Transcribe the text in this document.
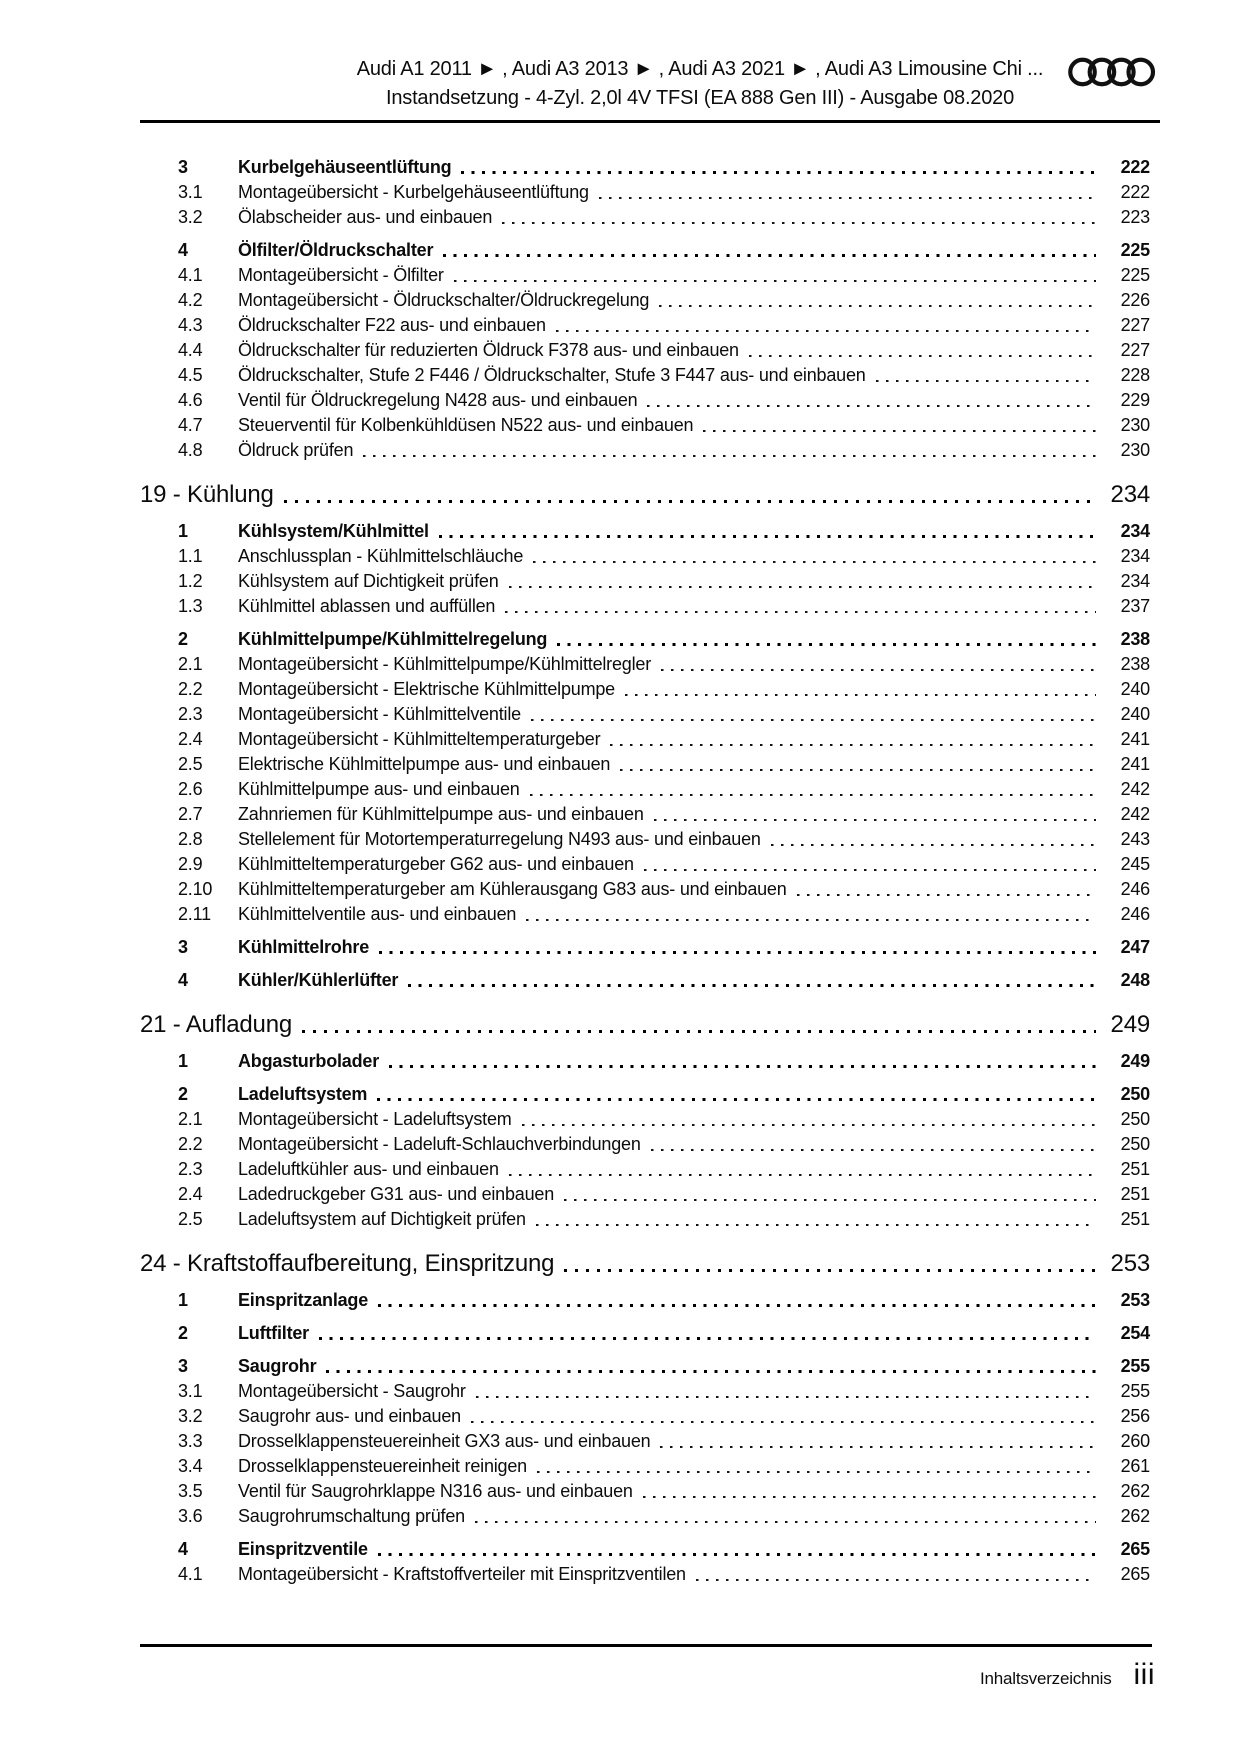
Audi A1 2011 ► , Audi A3 2013 ► , Audi A3 2021 ► , Audi A3 Limousine Chi ...
Instandsetzung - 4-Zyl. 2,0l 4V TFSI (EA 888 Gen III) - Ausgabe 08.2020
3	Kurbelgehäuseentlüftung	222
3.1	Montageübersicht - Kurbelgehäuseentlüftung	222
3.2	Ölabscheider aus- und einbauen	223
4	Ölfilter/Öldruckschalter	225
4.1	Montageübersicht - Ölfilter	225
4.2	Montageübersicht - Öldruckschalter/Öldruckregelung	226
4.3	Öldruckschalter F22 aus- und einbauen	227
4.4	Öldruckschalter für reduzierten Öldruck F378 aus- und einbauen	227
4.5	Öldruckschalter, Stufe 2 F446 / Öldruckschalter, Stufe 3 F447 aus- und einbauen	228
4.6	Ventil für Öldruckregelung N428 aus- und einbauen	229
4.7	Steuerventil für Kolbenkühldüsen N522 aus- und einbauen	230
4.8	Öldruck prüfen	230
19 - Kühlung	234
1	Kühlsystem/Kühlmittel	234
1.1	Anschlussplan - Kühlmittelschläuche	234
1.2	Kühlsystem auf Dichtigkeit prüfen	234
1.3	Kühlmittel ablassen und auffüllen	237
2	Kühlmittelpumpe/Kühlmittelregelung	238
2.1	Montageübersicht - Kühlmittelpumpe/Kühlmittelregler	238
2.2	Montageübersicht - Elektrische Kühlmittelpumpe	240
2.3	Montageübersicht - Kühlmittelventile	240
2.4	Montageübersicht - Kühlmitteltemperaturgeber	241
2.5	Elektrische Kühlmittelpumpe aus- und einbauen	241
2.6	Kühlmittelpumpe aus- und einbauen	242
2.7	Zahnriemen für Kühlmittelpumpe aus- und einbauen	242
2.8	Stellelement für Motortemperaturregelung N493 aus- und einbauen	243
2.9	Kühlmitteltemperaturgeber G62 aus- und einbauen	245
2.10	Kühlmitteltemperaturgeber am Kühlerausgang G83 aus- und einbauen	246
2.11	Kühlmittelventile aus- und einbauen	246
3	Kühlmittelrohre	247
4	Kühler/Kühlerlüfter	248
21 - Aufladung	249
1	Abgasturbolader	249
2	Ladeluftsystem	250
2.1	Montageübersicht - Ladeluftsystem	250
2.2	Montageübersicht - Ladeluft-Schlauchverbindungen	250
2.3	Ladeluftkühler aus- und einbauen	251
2.4	Ladedruckgeber G31 aus- und einbauen	251
2.5	Ladeluftsystem auf Dichtigkeit prüfen	251
24 - Kraftstoffaufbereitung, Einspritzung	253
1	Einspritzanlage	253
2	Luftfilter	254
3	Saugrohr	255
3.1	Montageübersicht - Saugrohr	255
3.2	Saugrohr aus- und einbauen	256
3.3	Drosselklappensteuereinheit GX3 aus- und einbauen	260
3.4	Drosselklappensteuereinheit reinigen	261
3.5	Ventil für Saugrohrklappe N316 aus- und einbauen	262
3.6	Saugrohrumschaltung prüfen	262
4	Einspritzventile	265
4.1	Montageübersicht - Kraftstoffverteiler mit Einspritzventilen	265
Inhaltsverzeichnis iii
